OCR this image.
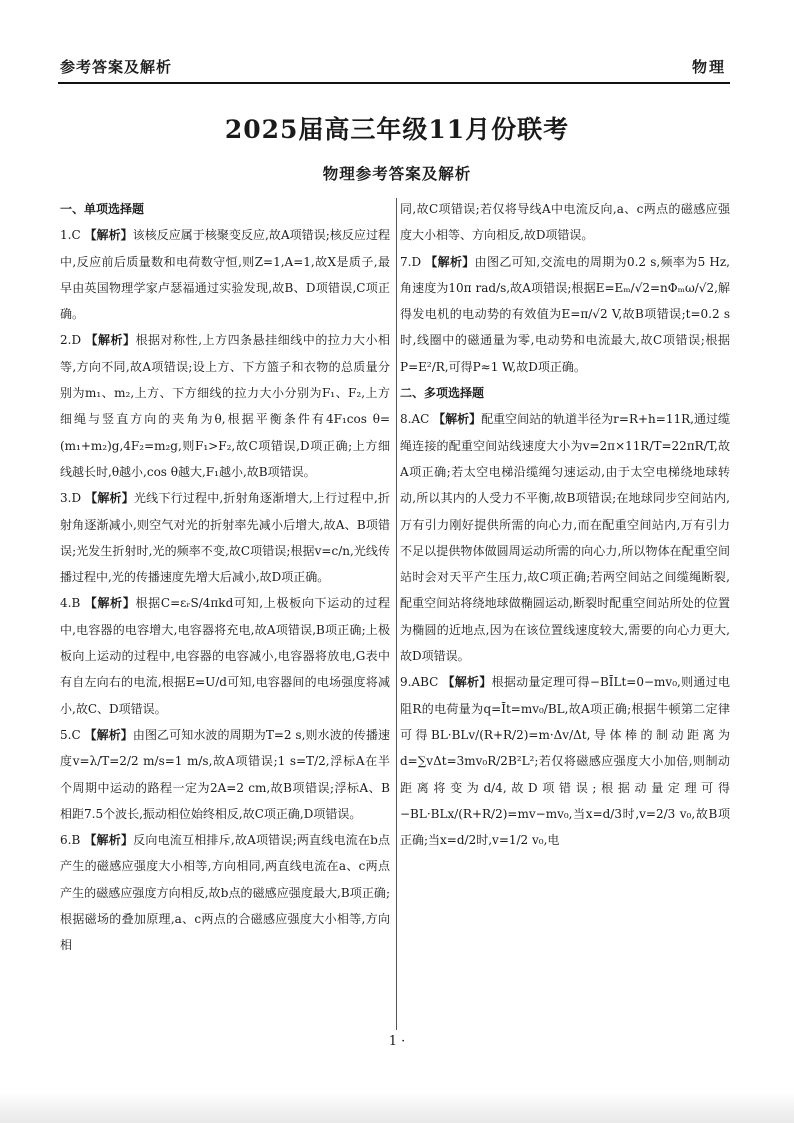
参考答案及解析	物理
2025届高三年级11月份联考
物理参考答案及解析
一、单项选择题

1.C 【解析】该核反应属于核聚变反应,故A项错误;核反应过程中,反应前后质量数和电荷数守恒,则Z=1,A=1,故X是质子,最早由英国物理学家卢瑟福通过实验发现,故B、D项错误,C项正确。

2.D 【解析】根据对称性,上方四条悬挂细线中的拉力大小相等,方向不同,故A项错误;设上方、下方篮子和衣物的总质量分别为m₁、m₂,上方、下方细线的拉力大小分别为F₁、F₂,上方细绳与竖直方向的夹角为θ,根据平衡条件有4F₁cos θ=(m₁+m₂)g,4F₂=m₂g,则F₁>F₂,故C项错误,D项正确;上方细线越长时,θ越小,cos θ越大,F₁越小,故B项错误。

3.D 【解析】光线下行过程中,折射角逐渐增大,上行过程中,折射角逐渐减小,则空气对光的折射率先减小后增大,故A、B项错误;光发生折射时,光的频率不变,故C项错误;根据v=c/n,光线传播过程中,光的传播速度先增大后减小,故D项正确。

4.B 【解析】根据C=εᵣS/4πkd可知,上极板向下运动的过程中,电容器的电容增大,电容器将充电,故A项错误,B项正确;上极板向上运动的过程中,电容器的电容减小,电容器将放电,G表中有自左向右的电流,根据E=U/d可知,电容器间的电场强度将减小,故C、D项错误。

5.C 【解析】由图乙可知水波的周期为T=2 s,则水波的传播速度v=λ/T=2/2 m/s=1 m/s,故A项错误;1 s=T/2,浮标A在半个周期中运动的路程一定为2A=2 cm,故B项错误;浮标A、B相距7.5个波长,振动相位始终相反,故C项正确,D项错误。

6.B 【解析】反向电流互相排斥,故A项错误;两直线电流在b点产生的磁感应强度大小相等,方向相同,两直线电流在a、c两点产生的磁感应强度方向相反,故b点的磁感应强度最大,B项正确;根据磁场的叠加原理,a、c两点的合磁感应强度大小相等,方向相

同,故C项错误;若仅将导线A中电流反向,a、c两点的磁感应强度大小相等、方向相反,故D项错误。

7.D 【解析】由图乙可知,交流电的周期为0.2 s,频率为5 Hz,角速度为10π rad/s,故A项错误;根据E=Eₘ/√2=nΦₘω/√2,解得发电机的电动势的有效值为E=π/√2 V,故B项错误;t=0.2 s时,线圈中的磁通量为零,电动势和电流最大,故C项错误;根据P=E²/R,可得P≈1 W,故D项正确。

二、多项选择题

8.AC 【解析】配重空间站的轨道半径为r=R+h=11R,通过缆绳连接的配重空间站线速度大小为v=2π×11R/T=22πR/T,故A项正确;若太空电梯沿缆绳匀速运动,由于太空电梯绕地球转动,所以其内的人受力不平衡,故B项错误;在地球同步空间站内,万有引力刚好提供所需的向心力,而在配重空间站内,万有引力不足以提供物体做圆周运动所需的向心力,所以物体在配重空间站时会对天平产生压力,故C项正确;若两空间站之间缆绳断裂,配重空间站将绕地球做椭圆运动,断裂时配重空间站所处的位置为椭圆的近地点,因为在该位置线速度较大,需要的向心力更大,故D项错误。

9.ABC 【解析】根据动量定理可得−BĪLt=0−mv₀,则通过电阻R的电荷量为q=Īt=mv₀/BL,故A项正确;根据牛顿第二定律可得BL·BLv/(R+R/2)=m·Δv/Δt,导体棒的制动距离为d=∑vΔt=3mv₀R/2B²L²;若仅将磁感应强度大小加倍,则制动距离将变为d/4,故D项错误;根据动量定理可得−BL·BLx/(R+R/2)=mv−mv₀,当x=d/3时,v=2/3 v₀,故B项正确;当x=d/2时,v=1/2 v₀,电

1 ·
